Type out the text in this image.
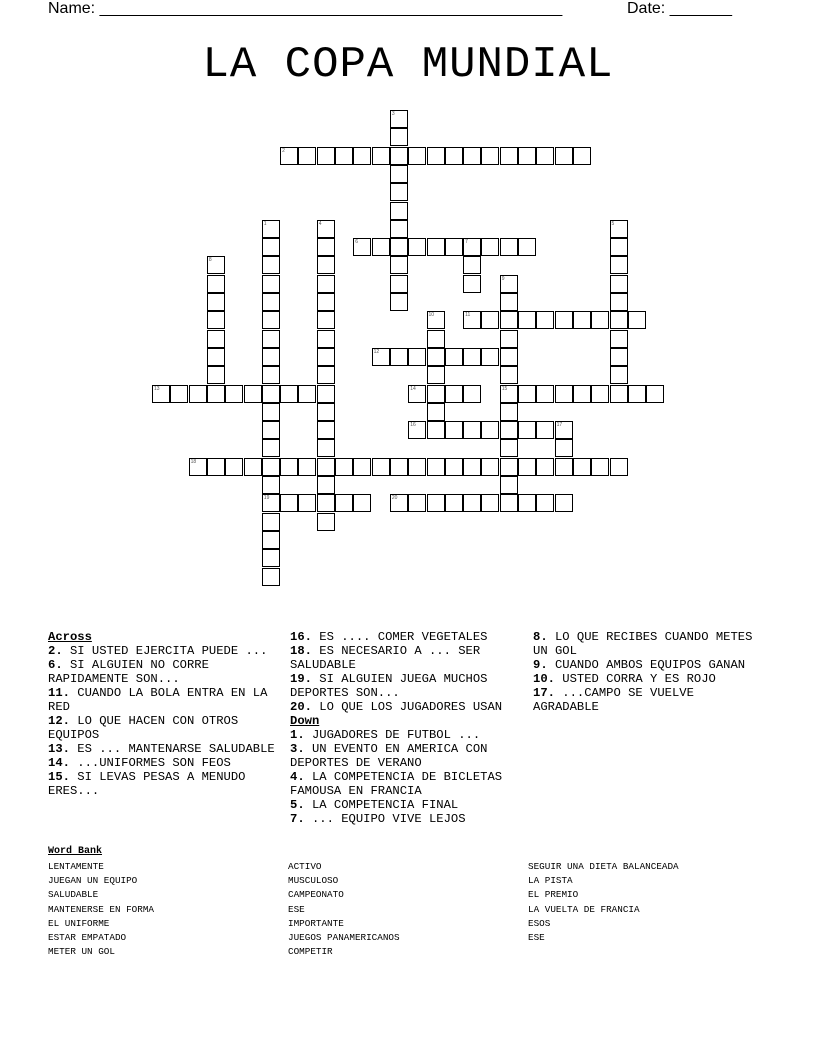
Name: ____________________________________________________	Date: _______
LA COPA MUNDIAL
1
19
2
3
4	5
6	7
8
9
15
10	11
12
13	14
16	17
18
20
Across
2. SI USTED EJERCITA PUEDE ...
6. SI ALGUIEN NO CORRE RAPIDAMENTE SON...
11. CUANDO LA BOLA ENTRA EN LA RED
12. LO QUE HACEN CON OTROS EQUIPOS
13. ES ... MANTENARSE SALUDABLE
14. ...UNIFORMES SON FEOS
15. SI LEVAS PESAS A MENUDO ERES...
16. ES .... COMER VEGETALES
18. ES NECESARIO A ... SER SALUDABLE
19. SI ALGUIEN JUEGA MUCHOS DEPORTES SON...
20. LO QUE LOS JUGADORES USAN
Down
1. JUGADORES DE FUTBOL ...
3. UN EVENTO EN AMERICA CON DEPORTES DE VERANO
4. LA COMPETENCIA DE BICLETAS FAMOUSA EN FRANCIA
5. LA COMPETENCIA FINAL
7. ... EQUIPO VIVE LEJOS
8. LO QUE RECIBES CUANDO METES UN GOL
9. CUANDO AMBOS EQUIPOS GANAN
10. USTED CORRA Y ES ROJO
17. ...CAMPO SE VUELVE AGRADABLE
Word Bank
LENTAMENTE
JUEGAN UN EQUIPO
SALUDABLE
MANTENERSE EN FORMA
EL UNIFORME
ESTAR EMPATADO
METER UN GOL
ACTIVO
MUSCULOSO
CAMPEONATO
ESE
IMPORTANTE
JUEGOS PANAMERICANOS
COMPETIR
SEGUIR UNA DIETA BALANCEADA
LA PISTA
EL PREMIO
LA VUELTA DE FRANCIA
ESOS
ESE
